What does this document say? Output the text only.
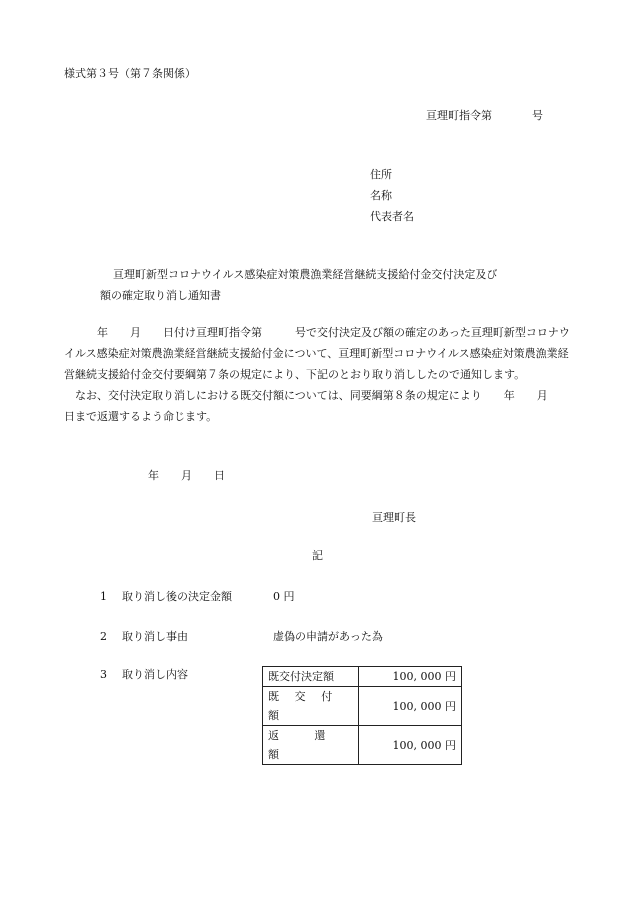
様式第３号（第７条関係）
亘理町指令第	号
住所
名称
代表者名
亘理町新型コロナウイルス感染症対策農漁業経営継続支援給付金交付決定及び
額の確定取り消し通知書

　　　年　　月　　日付け亘理町指令第　　　号で交付決定及び額の確定のあった亘理町新型コロナウイルス感染症対策農漁業経営継続支援給付金について、亘理町新型コロナウイルス感染症対策農漁業経営継続支援給付金交付要綱第７条の規定により、下記のとおり取り消ししたので通知します。

なお、交付決定取り消しにおける既交付額については、同要綱第８条の規定により　　年　　月　　日まで返還するよう命じます。

年　　月　　日
亘理町長
記
1 取り消し後の決定金額	0 円
2 取り消し事由	虚偽の申請があった為
3 取り消し内容	既交付決定額	100, 000 円
既 交 付 額	100, 000 円
返 還 額	100, 000 円
